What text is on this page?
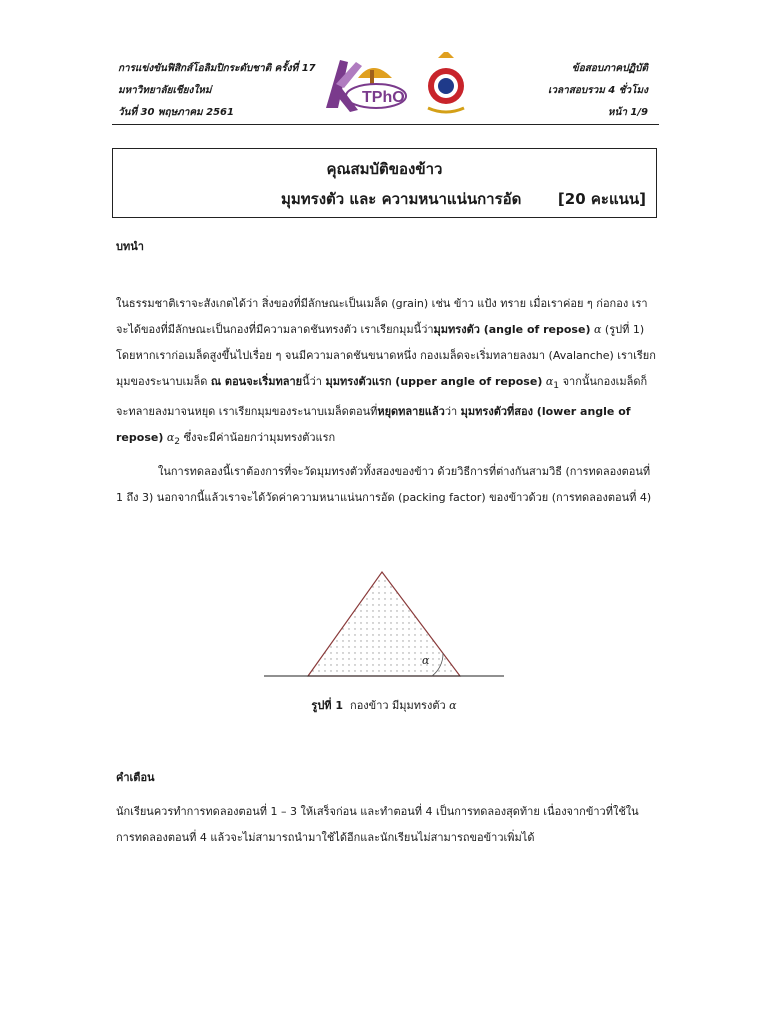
การแข่งขันฟิสิกส์โอลิมปิกระดับชาติ ครั้งที่ 17
มหาวิทยาลัยเชียงใหม่
วันที่ 30 พฤษภาคม 2561
TPhO
ข้อสอบภาคปฏิบัติ
เวลาสอบรวม 4 ชั่วโมง
หน้า 1/9
คุณสมบัติของข้าว
มุมทรงตัว และ ความหนาแน่นการอัด [20 คะแนน]
บทนำ

ในธรรมชาติเราจะสังเกตได้ว่า สิ่งของที่มีลักษณะเป็นเมล็ด (grain) เช่น ข้าว แป้ง ทราย เมื่อเราค่อย ๆ ก่อกอง เราจะได้ของที่มีลักษณะเป็นกองที่มีความลาดชันทรงตัว เราเรียกมุมนี้ว่ามุมทรงตัว (angle of repose) α (รูปที่ 1) โดยหากเราก่อเมล็ดสูงขึ้นไปเรื่อย ๆ จนมีความลาดชันขนาดหนึ่ง กองเมล็ดจะเริ่มทลายลงมา (Avalanche) เราเรียกมุมของระนาบเมล็ด ณ ตอนจะเริ่มทลายนี้ว่า มุมทรงตัวแรก (upper angle of repose) $\alpha_1$ จากนั้นกองเมล็ดก็จะทลายลงมาจนหยุด เราเรียกมุมของระนาบเมล็ดตอนที่หยุดทลายแล้วว่า มุมทรงตัวที่สอง (lower angle of repose) $\alpha_2$ ซึ่งจะมีค่าน้อยกว่ามุมทรงตัวแรก

ในการทดลองนี้เราต้องการที่จะวัดมุมทรงตัวทั้งสองของข้าว ด้วยวิธีการที่ต่างกันสามวิธี (การทดลองตอนที่ 1 ถึง 3) นอกจากนี้แล้วเราจะได้วัดค่าความหนาแน่นการอัด (packing factor) ของข้าวด้วย (การทดลองตอนที่ 4)

α
รูปที่ 1 กองข้าว มีมุมทรงตัว α
คำเตือน

นักเรียนควรทำการทดลองตอนที่ 1 – 3 ให้เสร็จก่อน และทำตอนที่ 4 เป็นการทดลองสุดท้าย เนื่องจากข้าวที่ใช้ในการทดลองตอนที่ 4 แล้วจะไม่สามารถนำมาใช้ได้อีกและนักเรียนไม่สามารถขอข้าวเพิ่มได้
